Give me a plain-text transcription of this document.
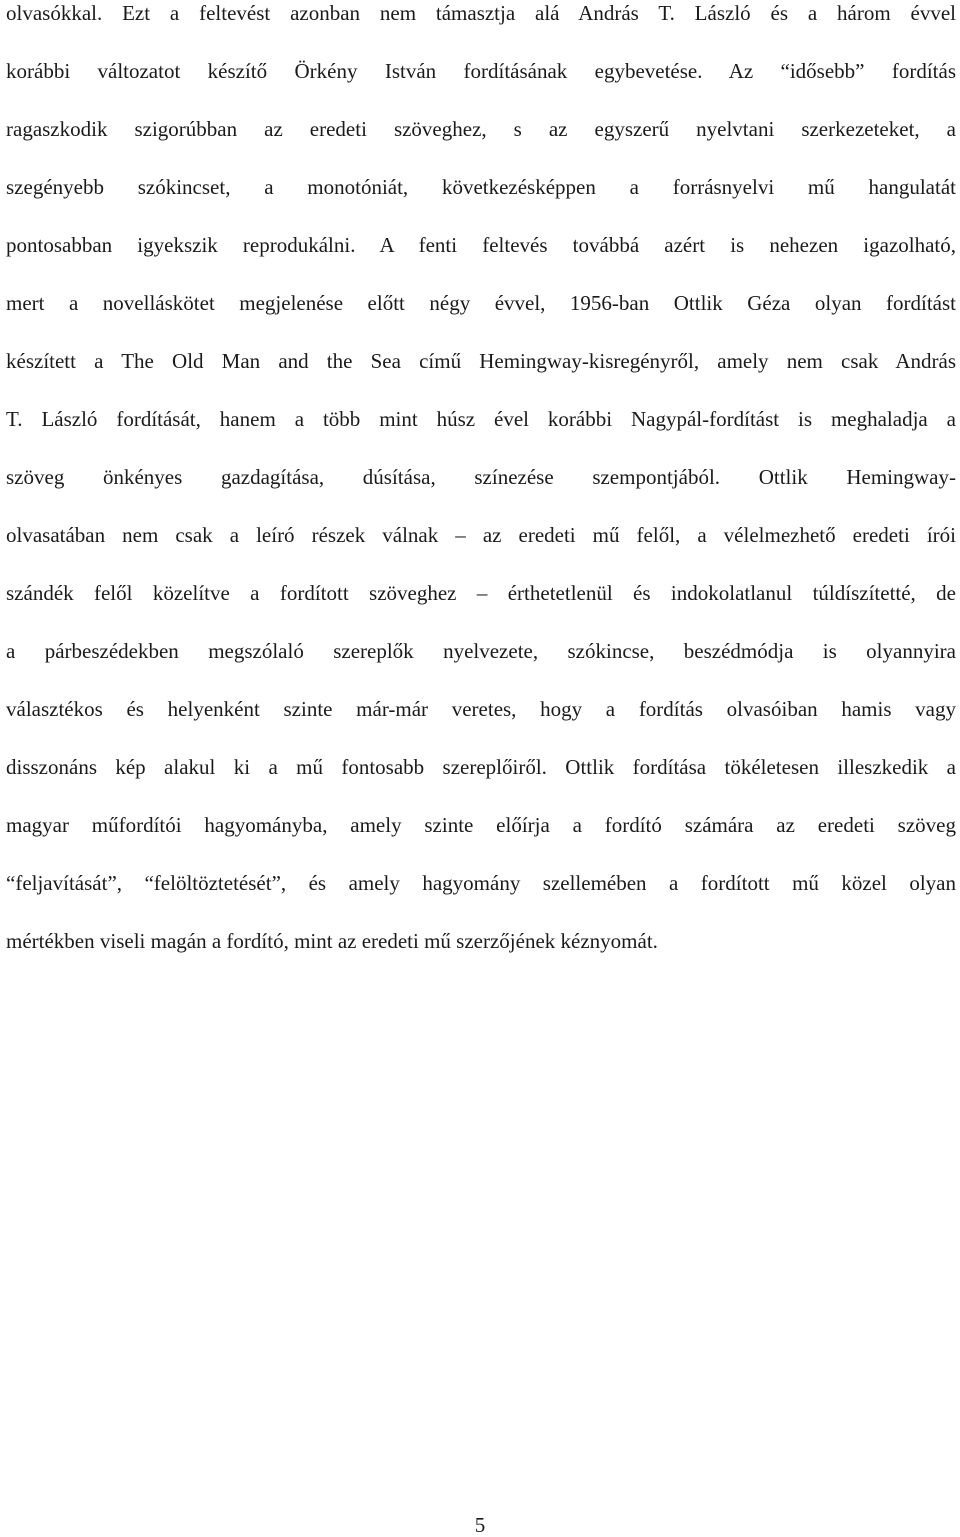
olvasókkal. Ezt a feltevést azonban nem támasztja alá András T. László és a három évvel
korábbi változatot készítő Örkény István fordításának egybevetése. Az “idősebb” fordítás
ragaszkodik szigorúbban az eredeti szöveghez, s az egyszerű nyelvtani szerkezeteket, a
szegényebb szókincset, a monotóniát, következésképpen a forrásnyelvi mű hangulatát
pontosabban igyekszik reprodukálni. A fenti feltevés továbbá azért is nehezen igazolható,
mert a novelláskötet megjelenése előtt négy évvel, 1956-ban Ottlik Géza olyan fordítást
készített a The Old Man and the Sea című Hemingway-kisregényről, amely nem csak András
T. László fordítását, hanem a több mint húsz ével korábbi Nagypál-fordítást is meghaladja a
szöveg önkényes gazdagítása, dúsítása, színezése szempontjából. Ottlik Hemingway-
olvasatában nem csak a leíró részek válnak – az eredeti mű felől, a vélelmezhető eredeti írói
szándék felől közelítve a fordított szöveghez – érthetetlenül és indokolatlanul túldíszítetté, de
a párbeszédekben megszólaló szereplők nyelvezete, szókincse, beszédmódja is olyannyira
választékos és helyenként szinte már-már veretes, hogy a fordítás olvasóiban hamis vagy
disszonáns kép alakul ki a mű fontosabb szereplőiről. Ottlik fordítása tökéletesen illeszkedik a
magyar műfordítói hagyományba, amely szinte előírja a fordító számára az eredeti szöveg
“feljavítását”, “felöltöztetését”, és amely hagyomány szellemében a fordított mű közel olyan
mértékben viseli magán a fordító, mint az eredeti mű szerzőjének kéznyomát.
5
